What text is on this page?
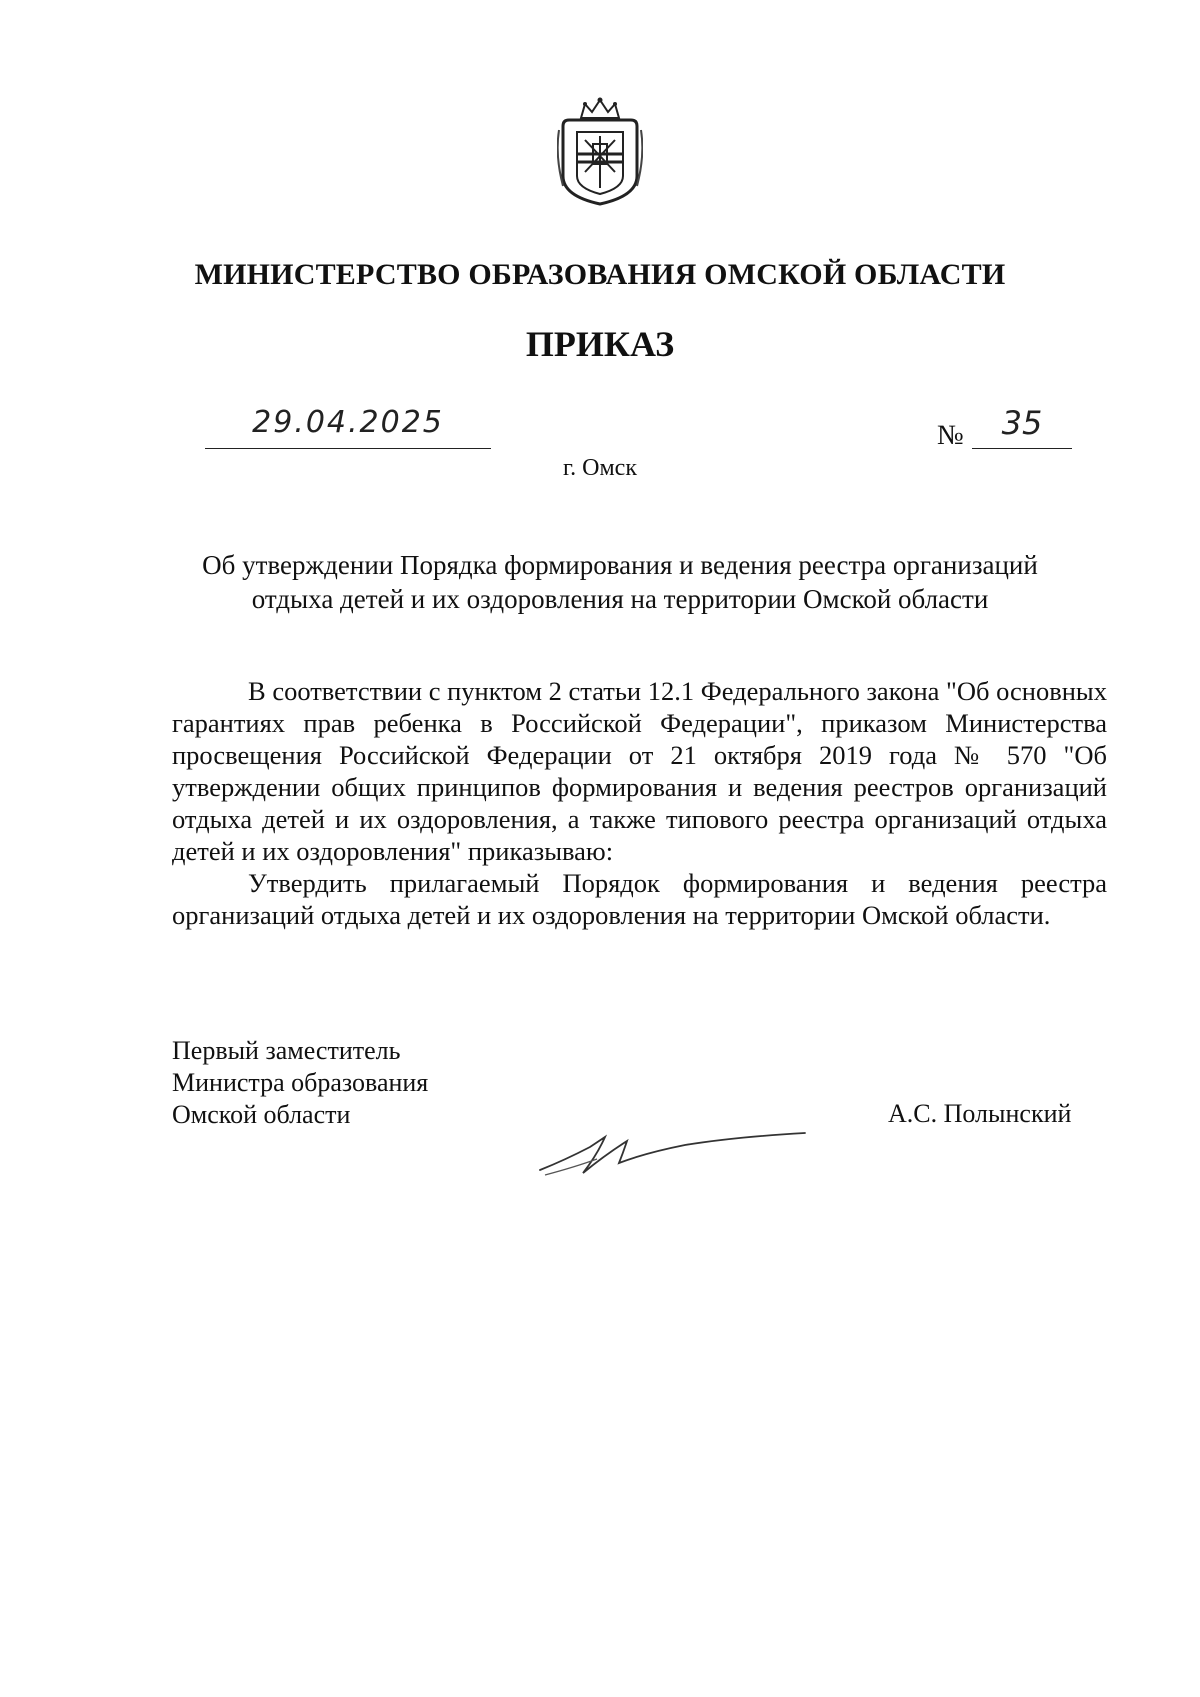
МИНИСТЕРСТВО ОБРАЗОВАНИЯ ОМСКОЙ ОБЛАСТИ
ПРИКАЗ
29.04.2025	№	35
г. Омск
Об утверждении Порядка формирования и ведения реестра организаций
отдыха детей и их оздоровления на территории Омской области

В соответствии с пунктом 2 статьи 12.1 Федерального закона "Об основных гарантиях прав ребенка в Российской Федерации", приказом Министерства просвещения Российской Федерации от 21 октября 2019 года № 570 "Об утверждении общих принципов формирования и ведения реестров организаций отдыха детей и их оздоровления, а также типового реестра организаций отдыха детей и их оздоровления" приказываю:

Утвердить прилагаемый Порядок формирования и ведения реестра организаций отдыха детей и их оздоровления на территории Омской области.

Первый заместитель
Министра образования
Омской области	А.С. Полынский
